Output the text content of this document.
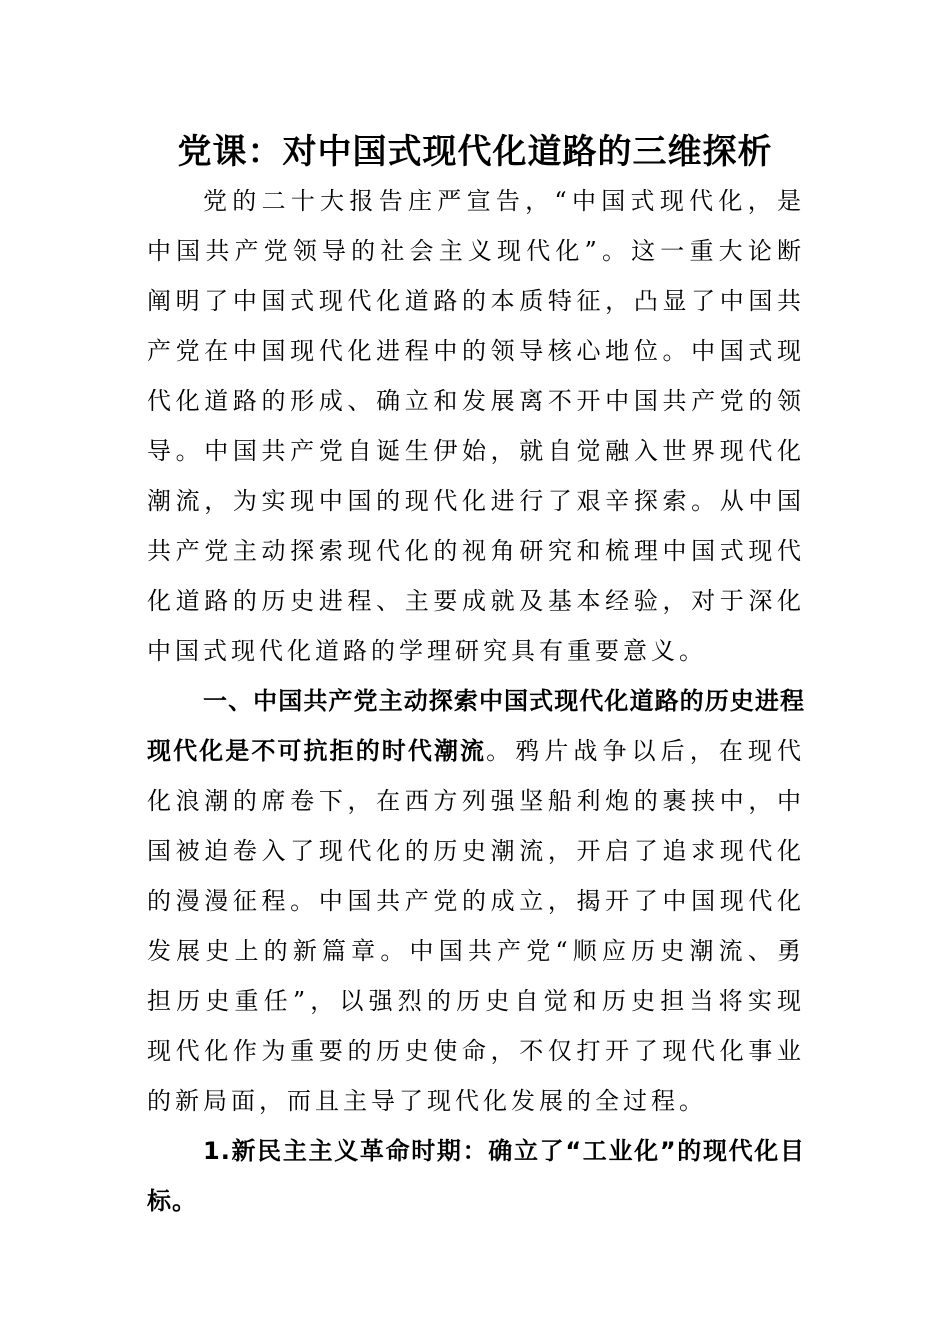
党课：对中国式现代化道路的三维探析
党的二十大报告庄严宣告，“中国式现代化，是中国共产党领导的社会主义现代化”。这一重大论断阐明了中国式现代化道路的本质特征，凸显了中国共产党在中国现代化进程中的领导核心地位。中国式现代化道路的形成、确立和发展离不开中国共产党的领导。中国共产党自诞生伊始，就自觉融入世界现代化潮流，为实现中国的现代化进行了艰辛探索。从中国共产党主动探索现代化的视角研究和梳理中国式现代化道路的历史进程、主要成就及基本经验，对于深化中国式现代化道路的学理研究具有重要意义。
一、中国共产党主动探索中国式现代化道路的历史进程现代化是不可抗拒的时代潮流。鸦片战争以后，在现代化浪潮的席卷下，在西方列强坚船利炮的裹挟中，中国被迫卷入了现代化的历史潮流，开启了追求现代化的漫漫征程。中国共产党的成立，揭开了中国现代化发展史上的新篇章。中国共产党“顺应历史潮流、勇担历史重任”，以强烈的历史自觉和历史担当将实现现代化作为重要的历史使命，不仅打开了现代化事业的新局面，而且主导了现代化发展的全过程。
1.新民主主义革命时期：确立了“工业化”的现代化目标。
